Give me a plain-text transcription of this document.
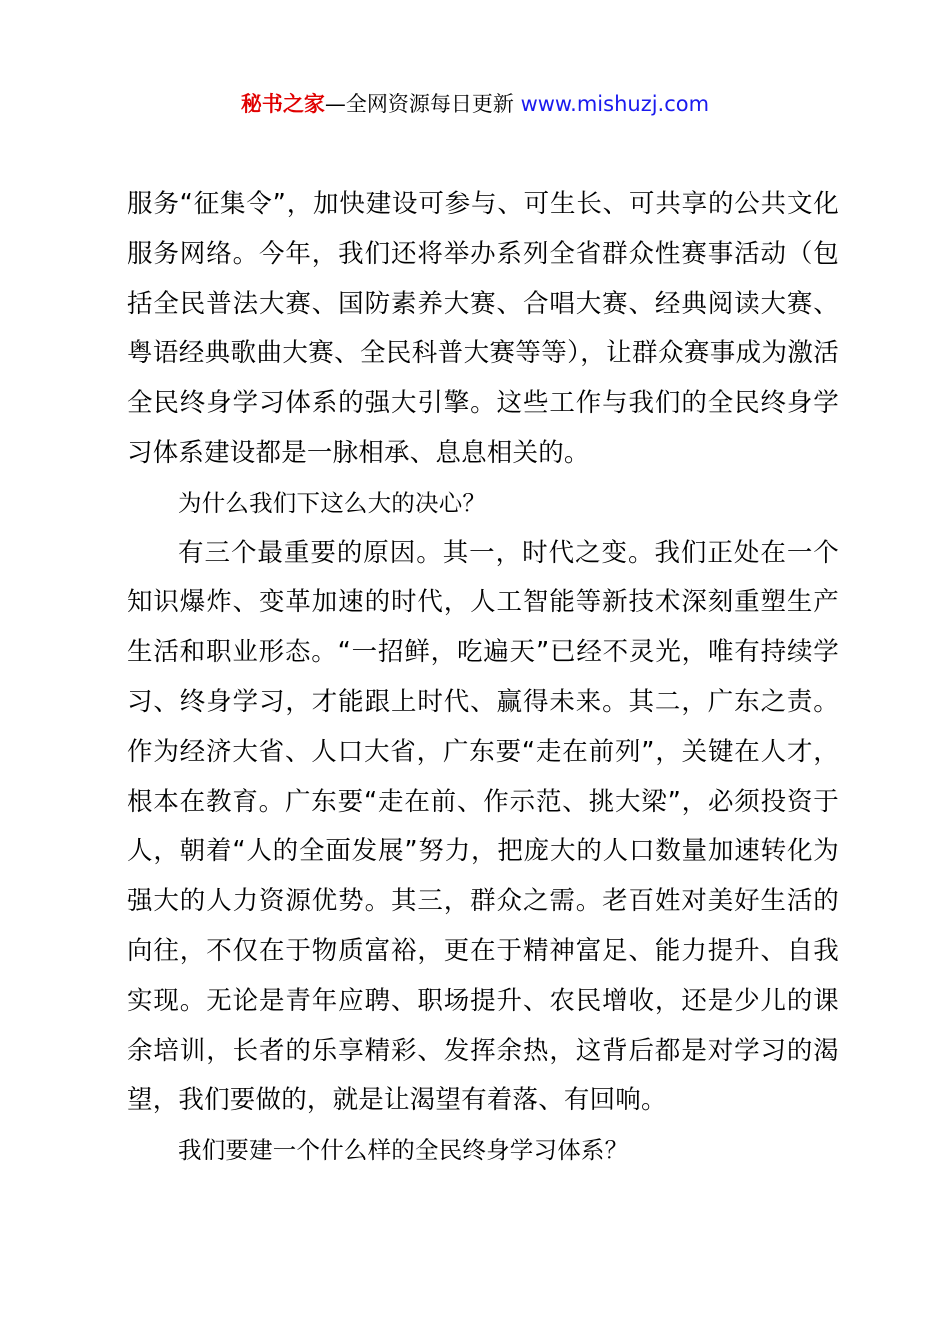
秘书之家—全网资源每日更新 www.mishuzj.com

服务“征集令”，加快建设可参与、可生长、可共享的公共文化服务网络。今年，我们还将举办系列全省群众性赛事活动（包括全民普法大赛、国防素养大赛、合唱大赛、经典阅读大赛、粤语经典歌曲大赛、全民科普大赛等等），让群众赛事成为激活全民终身学习体系的强大引擎。这些工作与我们的全民终身学习体系建设都是一脉相承、息息相关的。

为什么我们下这么大的决心？

有三个最重要的原因。其一，时代之变。我们正处在一个知识爆炸、变革加速的时代，人工智能等新技术深刻重塑生产生活和职业形态。“一招鲜，吃遍天”已经不灵光，唯有持续学习、终身学习，才能跟上时代、赢得未来。其二，广东之责。作为经济大省、人口大省，广东要“走在前列”，关键在人才，根本在教育。广东要“走在前、作示范、挑大梁”，必须投资于人，朝着“人的全面发展”努力，把庞大的人口数量加速转化为强大的人力资源优势。其三，群众之需。老百姓对美好生活的向往，不仅在于物质富裕，更在于精神富足、能力提升、自我实现。无论是青年应聘、职场提升、农民增收，还是少儿的课余培训，长者的乐享精彩、发挥余热，这背后都是对学习的渴望，我们要做的，就是让渴望有着落、有回响。

我们要建一个什么样的全民终身学习体系？
